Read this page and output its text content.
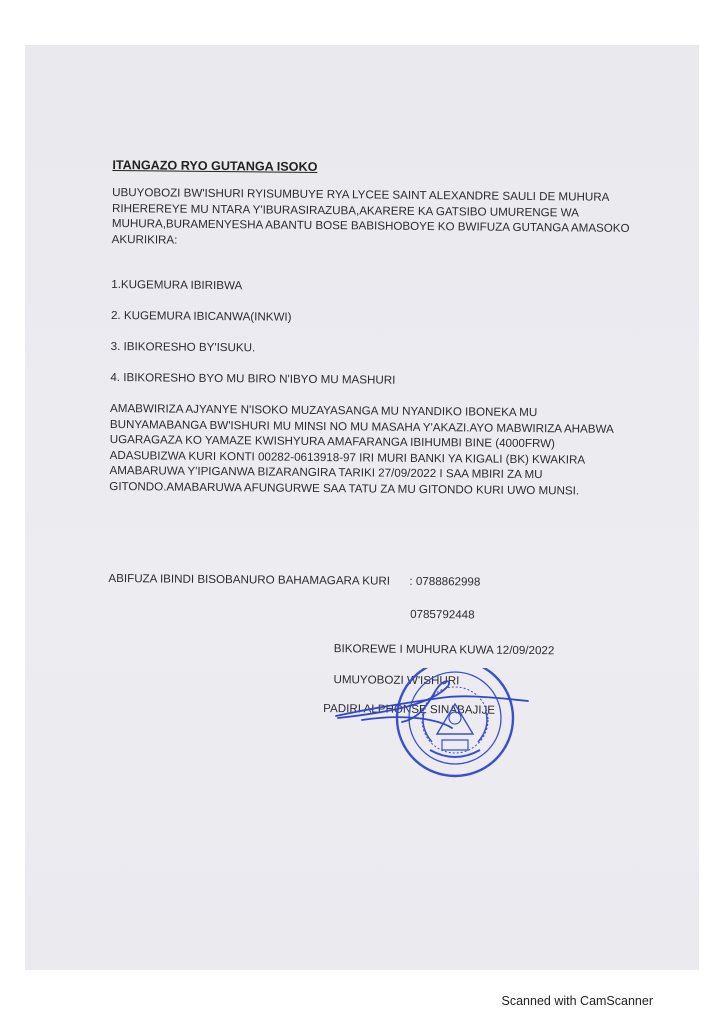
ITANGAZO RYO GUTANGA ISOKO

UBUYOBOZI BW'ISHURI RYISUMBUYE RYA LYCEE SAINT ALEXANDRE SAULI DE MUHURA RIHEREREYE MU NTARA Y'IBURASIRAZUBA,AKARERE KA GATSIBO UMURENGE WA MUHURA,BURAMENYESHA ABANTU BOSE BABISHOBOYE KO BWIFUZA GUTANGA AMASOKO AKURIKIRA:

1.KUGEMURA IBIRIBWA
2. KUGEMURA IBICANWA(INKWI)
3. IBIKORESHO BY'ISUKU.
4. IBIKORESHO BYO MU BIRO N'IBYO MU MASHURI

AMABWIRIZA AJYANYE N'ISOKO MUZAYASANGA MU NYANDIKO IBONEKA MU BUNYAMABANGA BW'ISHURI MU MINSI NO MU MASAHA Y'AKAZI.AYO MABWIRIZA AHABWA UGARAGAZA KO YAMAZE KWISHYURA AMAFARANGA IBIHUMBI BINE (4000FRW) ADASUBIZWA KURI KONTI 00282-0613918-97 IRI MURI BANKI YA KIGALI (BK) KWAKIRA AMABARUWA Y'IPIGANWA BIZARANGIRA TARIKI 27/09/2022 I SAA MBIRI ZA MU GITONDO.AMABARUWA AFUNGURWE SAA TATU ZA MU GITONDO KURI UWO MUNSI.

ABIFUZA IBINDI BISOBANURO BAHAMAGARA KURI : 0788862998
0785792448
BIKOREWE I MUHURA KUWA 12/09/2022
UMUYOBOZI W'ISHURI
PADIRI ALPHONSE SINABAJIJE
Scanned with CamScanner
